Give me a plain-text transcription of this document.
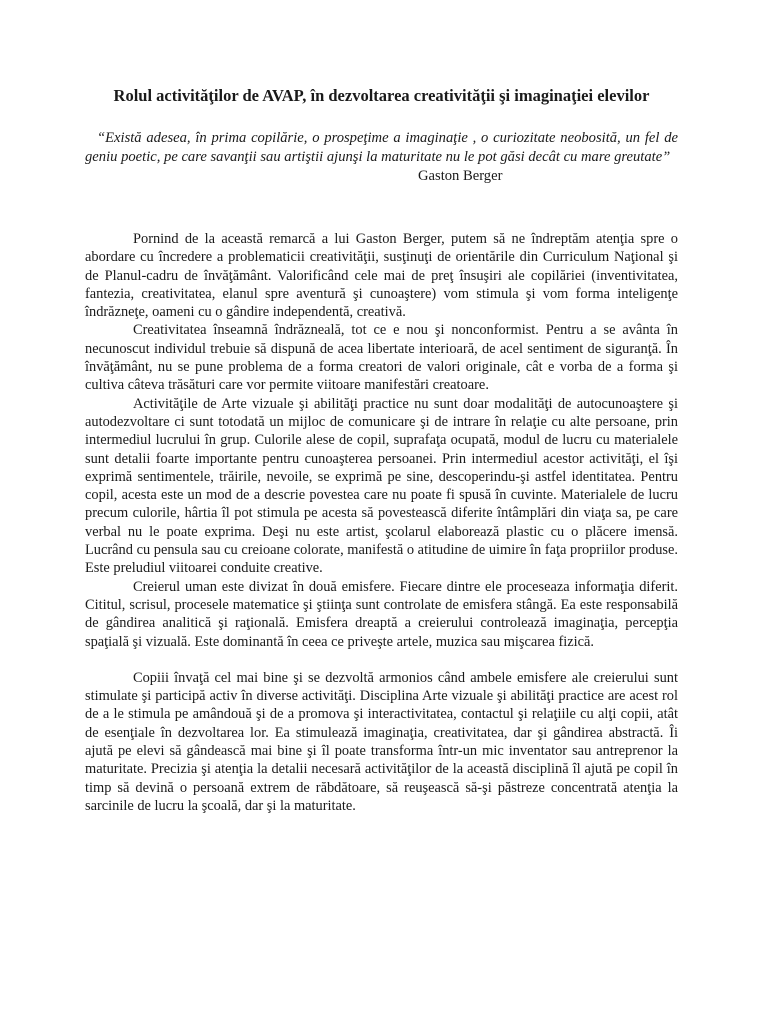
Rolul activităţilor de AVAP, în dezvoltarea creativităţii şi imaginaţiei elevilor

“Există adesea, în prima copilărie, o prospeţime a imaginaţie , o curiozitate neobosită, un fel de geniu poetic, pe care savanţii sau artiştii ajunşi la maturitate nu le pot găsi decât cu mare greutate”

Gaston Berger

Pornind de la această remarcă a lui Gaston Berger, putem să ne îndreptăm atenţia spre o abordare cu încredere a problematicii creativităţii, susţinuţi de orientările din Curriculum Naţional şi de Planul-cadru de învăţământ. Valorificând cele mai de preţ însuşiri ale copilăriei (inventivitatea, fantezia, creativitatea, elanul spre aventură şi cunoaştere) vom stimula şi vom forma inteligenţe îndrăzneţe, oameni cu o gândire independentă, creativă.

Creativitatea înseamnă îndrăzneală, tot ce e nou şi nonconformist. Pentru a se avânta în necunoscut individul trebuie să dispună de acea libertate interioară, de acel sentiment de siguranţă. În învăţământ, nu se pune problema de a forma creatori de valori originale, cât e vorba de a forma şi cultiva câteva trăsături care vor permite viitoare manifestări creatoare.

Activităţile de Arte vizuale şi abilităţi practice nu sunt doar modalităţi de autocunoaştere şi autodezvoltare ci sunt totodată un mijloc de comunicare şi de intrare în relaţie cu alte persoane, prin intermediul lucrului în grup. Culorile alese de copil, suprafaţa ocupată, modul de lucru cu materialele sunt detalii foarte importante pentru cunoaşterea persoanei. Prin intermediul acestor activităţi, el îşi exprimă sentimentele, trăirile, nevoile, se exprimă pe sine, descoperindu-şi astfel identitatea. Pentru copil, acesta este un mod de a descrie povestea care nu poate fi spusă în cuvinte. Materialele de lucru precum culorile, hârtia îl pot stimula pe acesta să povestească diferite întâmplări din viaţa sa, pe care verbal nu le poate exprima. Deşi nu este artist, şcolarul elaborează plastic cu o plăcere imensă. Lucrând cu pensula sau cu creioane colorate, manifestă o atitudine de uimire în faţa propriilor produse. Este preludiul viitoarei conduite creative.

Creierul uman este divizat în două emisfere. Fiecare dintre ele proceseaza informaţia diferit. Cititul, scrisul, procesele matematice şi ştiinţa sunt controlate de emisfera stângă. Ea este responsabilă de gândirea analitică şi raţională. Emisfera dreaptă a creierului controlează imaginaţia, percepţia spaţială şi vizuală. Este dominantă în ceea ce priveşte artele, muzica sau mişcarea fizică.

Copiii învaţă cel mai bine şi se dezvoltă armonios când ambele emisfere ale creierului sunt stimulate şi participă activ în diverse activităţi. Disciplina Arte vizuale şi abilităţi practice are acest rol de a le stimula pe amândouă şi de a promova şi interactivitatea, contactul şi relaţiile cu alţi copii, atât de esenţiale în dezvoltarea lor. Ea stimulează imaginaţia, creativitatea, dar şi gândirea abstractă. Îi ajută pe elevi să gândească mai bine şi îl poate transforma într-un mic inventator sau antreprenor la maturitate. Precizia şi atenţia la detalii necesară activităţilor de la această disciplină îl ajută pe copil în timp să devină o persoană extrem de răbdătoare, să reuşească să-şi păstreze concentrată atenţia la sarcinile de lucru la şcoală, dar şi la maturitate.
